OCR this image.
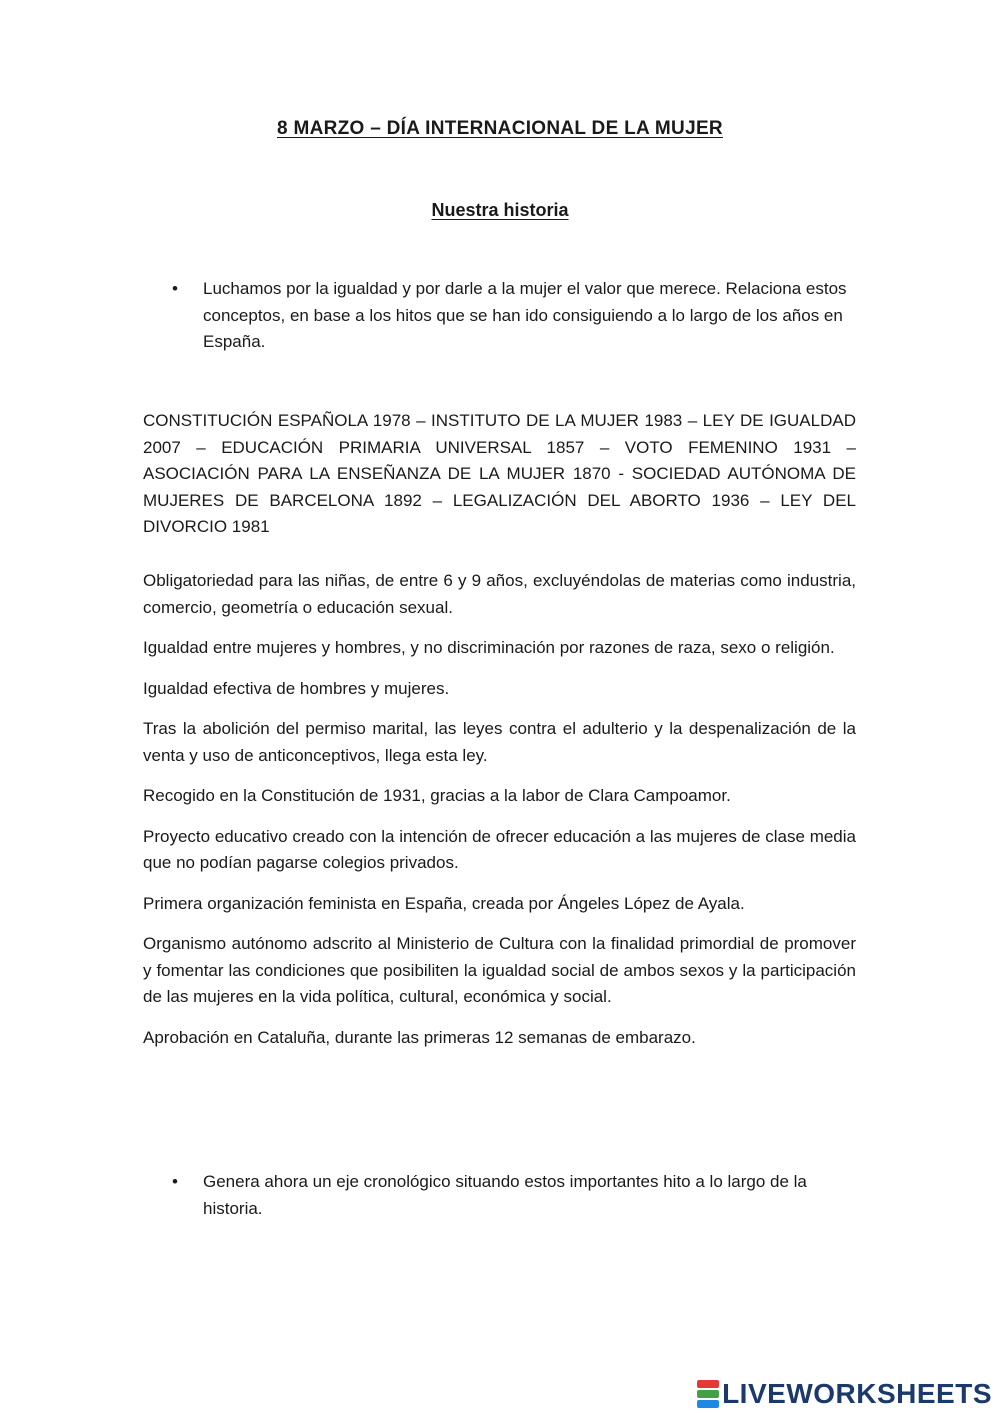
8 MARZO – DÍA INTERNACIONAL DE LA MUJER
Nuestra historia
• Luchamos por la igualdad y por darle a la mujer el valor que merece. Relaciona estos conceptos, en base a los hitos que se han ido consiguiendo a lo largo de los años en España.
CONSTITUCIÓN ESPAÑOLA 1978 – INSTITUTO DE LA MUJER 1983 – LEY DE IGUALDAD 2007 – EDUCACIÓN PRIMARIA UNIVERSAL 1857 – VOTO FEMENINO 1931 – ASOCIACIÓN PARA LA ENSEÑANZA DE LA MUJER 1870 - SOCIEDAD AUTÓNOMA DE MUJERES DE BARCELONA 1892 – LEGALIZACIÓN DEL ABORTO 1936 – LEY DEL DIVORCIO 1981

Obligatoriedad para las niñas, de entre 6 y 9 años, excluyéndolas de materias como industria, comercio, geometría o educación sexual.

Igualdad entre mujeres y hombres, y no discriminación por razones de raza, sexo o religión.

Igualdad efectiva de hombres y mujeres.

Tras la abolición del permiso marital, las leyes contra el adulterio y la despenalización de la venta y uso de anticonceptivos, llega esta ley.

Recogido en la Constitución de 1931, gracias a la labor de Clara Campoamor.

Proyecto educativo creado con la intención de ofrecer educación a las mujeres de clase media que no podían pagarse colegios privados.

Primera organización feminista en España, creada por Ángeles López de Ayala.

Organismo autónomo adscrito al Ministerio de Cultura con la finalidad primordial de promover y fomentar las condiciones que posibiliten la igualdad social de ambos sexos y la participación de las mujeres en la vida política, cultural, económica y social.

Aprobación en Cataluña, durante las primeras 12 semanas de embarazo.

• Genera ahora un eje cronológico situando estos importantes hito a lo largo de la historia.
LIVEWORKSHEETS
